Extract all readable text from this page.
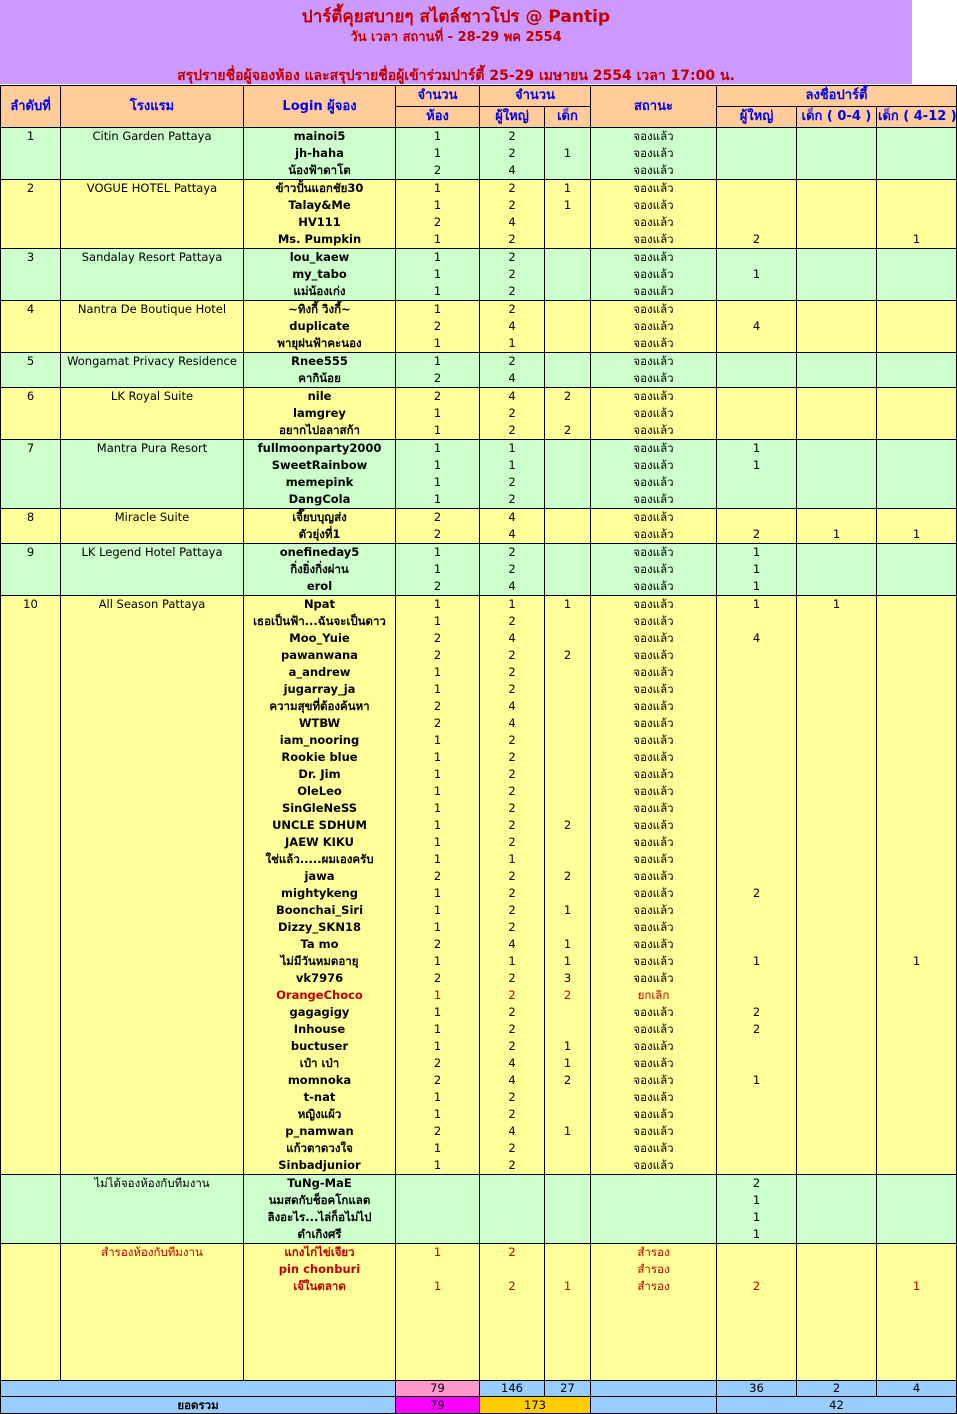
ปาร์ตี้คุยสบายๆ สไตล์ชาวโปร @ Pantip
วัน เวลา สถานที่ - 28-29 พค 2554
สรุปรายชื่อผู้จองห้อง และสรุปรายชื่อผู้เข้าร่วมปาร์ตี้ 25-29 เมษายน 2554 เวลา 17:00 น.
ลำดับที่	โรงแรม	Login ผู้จอง	จำนวน	จำนวน		สถานะ	ลงชื่อปาร์ตี้		
			ห้อง	ผู้ใหญ่	เด็ก		ผู้ใหญ่	เด็ก ( 0-4 )	เด็ก ( 4-12 )
1	Citin Garden Pattaya	mainoi5	1	2		จองแล้ว			
		jh-haha	1	2	1	จองแล้ว			
		น้องฟ้าดาโต	2	4		จองแล้ว			
2	VOGUE HOTEL Pattaya	ข้าวปั้นแอกชัย30	1	2	1	จองแล้ว			
		Talay&Me	1	2	1	จองแล้ว			
		HV111	2	4		จองแล้ว			
		Ms. Pumpkin	1	2		จองแล้ว	2		1
3	Sandalay Resort Pattaya	lou_kaew	1	2		จองแล้ว			
		my_tabo	1	2		จองแล้ว	1		
		แม่น้องเก่ง	1	2		จองแล้ว			
4	Nantra De Boutique Hotel	~ทิงกี้ วิงกี้~	1	2		จองแล้ว			
		duplicate	2	4		จองแล้ว	4		
		พายุฝนฟ้าคะนอง	1	1		จองแล้ว			
5	Wongamat Privacy Residence	Rnee555	1	2		จองแล้ว			
		คากิน้อย	2	4		จองแล้ว			
6	LK Royal Suite	nile	2	4	2	จองแล้ว			
		lamgrey	1	2		จองแล้ว			
		อยากไปอลาสก้า	1	2	2	จองแล้ว			
7	Mantra Pura Resort	fullmoonparty2000	1	1		จองแล้ว	1		
		SweetRainbow	1	1		จองแล้ว	1		
		memepink	1	2		จองแล้ว			
		DangCola	1	2		จองแล้ว			
8	Miracle Suite	เจี๊ยบบุญส่ง	2	4		จองแล้ว			
		ตัวยุ่งที่1	2	4		จองแล้ว	2	1	1
9	LK Legend Hotel Pattaya	onefineday5	1	2		จองแล้ว	1		
		กิ่งยิ่งกิ่งผ่าน	1	2		จองแล้ว	1		
		erol	2	4		จองแล้ว	1		
10	All Season Pattaya	Npat	1	1	1	จองแล้ว	1	1	
		เธอเป็นฟ้า...ฉันจะเป็นดาว	1	2		จองแล้ว			
		Moo_Yuie	2	4		จองแล้ว	4		
		pawanwana	2	2	2	จองแล้ว			
		a_andrew	1	2		จองแล้ว			
		jugarray_ja	1	2		จองแล้ว			
		ความสุขที่ต้องค้นหา	2	4		จองแล้ว			
		WTBW	2	4		จองแล้ว			
		iam_nooring	1	2		จองแล้ว			
		Rookie blue	1	2		จองแล้ว			
		Dr. Jim	1	2		จองแล้ว			
		OleLeo	1	2		จองแล้ว			
		SinGleNeSS	1	2		จองแล้ว			
		UNCLE SDHUM	1	2	2	จองแล้ว			
		JAEW KIKU	1	2		จองแล้ว			
		ใช่แล้ว.....ผมเองครับ	1	1		จองแล้ว			
		jawa	2	2	2	จองแล้ว			
		mightykeng	1	2		จองแล้ว	2		
		Boonchai_Siri	1	2	1	จองแล้ว			
		Dizzy_SKN18	1	2		จองแล้ว			
		Ta mo	2	4	1	จองแล้ว			
		ไม่มีวันหมดอายุ	1	1	1	จองแล้ว	1		1
		vk7976	2	2	3	จองแล้ว			
		OrangeChoco	1	2	2	ยกเลิก			
		gagagigy	1	2		จองแล้ว	2		
		Inhouse	1	2		จองแล้ว	2		
		buctuser	1	2	1	จองแล้ว			
		เป๋า เป่า	2	4	1	จองแล้ว			
		momnoka	2	4	2	จองแล้ว	1		
		t-nat	1	2		จองแล้ว			
		หญิงแผ้ว	1	2		จองแล้ว			
		p_namwan	2	4	1	จองแล้ว			
		แก้วตาดวงใจ	1	2		จองแล้ว			
		Sinbadjunior	1	2		จองแล้ว			
	ไม่ได้จองห้องกับทีมงาน	TuNg-MaE					2		
		นมสดกับช็อคโกแลต					1		
		ลิงอะไร...ไล่ก็อไม่ไป					1		
		ดำเกิงศรี					1		
	สำรองห้องกับทีมงาน	แกงไก่ไข่เจียว	1	2		สำรอง			
		pin chonburi				สำรอง			
		เจ๊ในตลาด	1	2	1	สำรอง	2		1

			79	146	27		36	2	4
ยอดรวม			79	173			42		
